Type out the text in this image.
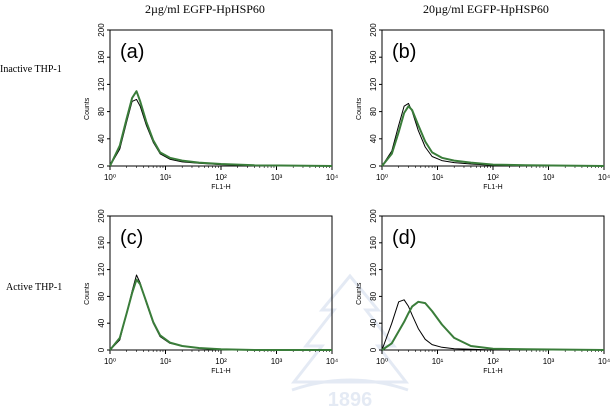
2µg/ml EGFP-HpHSP60	20µg/ml EGFP-HpHSP60
Inactive THP-1
Active THP-1
1896
10⁰	10¹	10²	10³	10⁴
0
40
80
120
160
200
FL1-H
Counts
(a)
10⁰	10¹	10²	10³	10⁴
0
40
80
120
160
200
FL1-H
Counts
(b)
10⁰	10¹	10²	10³	10⁴
0
40
80
120
160
200
FL1-H
Counts
(c)
10⁰	10¹	10²	10³	10⁴
0
40
80
120
160
200
FL1-H
Counts
(d)
